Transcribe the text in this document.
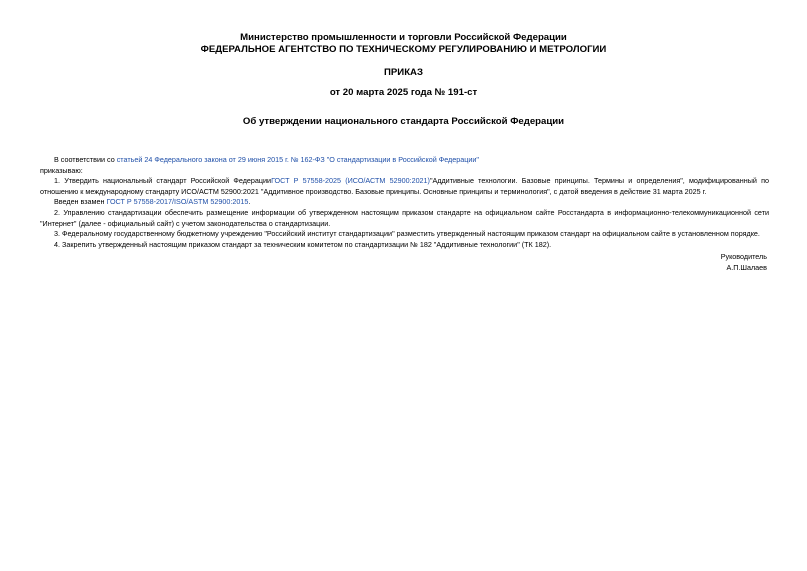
Министерство промышленности и торговли Российской Федерации
ФЕДЕРАЛЬНОЕ АГЕНТСТВО ПО ТЕХНИЧЕСКОМУ РЕГУЛИРОВАНИЮ И МЕТРОЛОГИИ
ПРИКАЗ
от 20 марта 2025 года № 191-ст
Об утверждении национального стандарта Российской Федерации

В соответствии со статьей 24 Федерального закона от 29 июня 2015 г. № 162-ФЗ "О стандартизации в Российской Федерации"

приказываю:

1. Утвердить национальный стандарт Российской ФедерацииГОСТ Р 57558-2025 (ИСО/АСТМ 52900:2021)"Аддитивные технологии. Базовые принципы. Термины и определения", модифицированный по отношению к международному стандарту ИСО/АСТМ 52900:2021 "Аддитивное производство. Базовые принципы. Основные принципы и терминология", с датой введения в действие 31 марта 2025 г.

Введен взамен ГОСТ Р 57558-2017/ISO/ASTM 52900:2015.

2. Управлению стандартизации обеспечить размещение информации об утвержденном настоящим приказом стандарте на официальном сайте Росстандарта в информационно-телекоммуникационной сети "Интернет" (далее - официальный сайт) с учетом законодательства о стандартизации.

3. Федеральному государственному бюджетному учреждению "Российский институт стандартизации" разместить утвержденный настоящим приказом стандарт на официальном сайте в установленном порядке.

4. Закрепить утвержденный настоящим приказом стандарт за техническим комитетом по стандартизации № 182 "Аддитивные технологии" (ТК 182).

Руководитель
А.П.Шалаев
